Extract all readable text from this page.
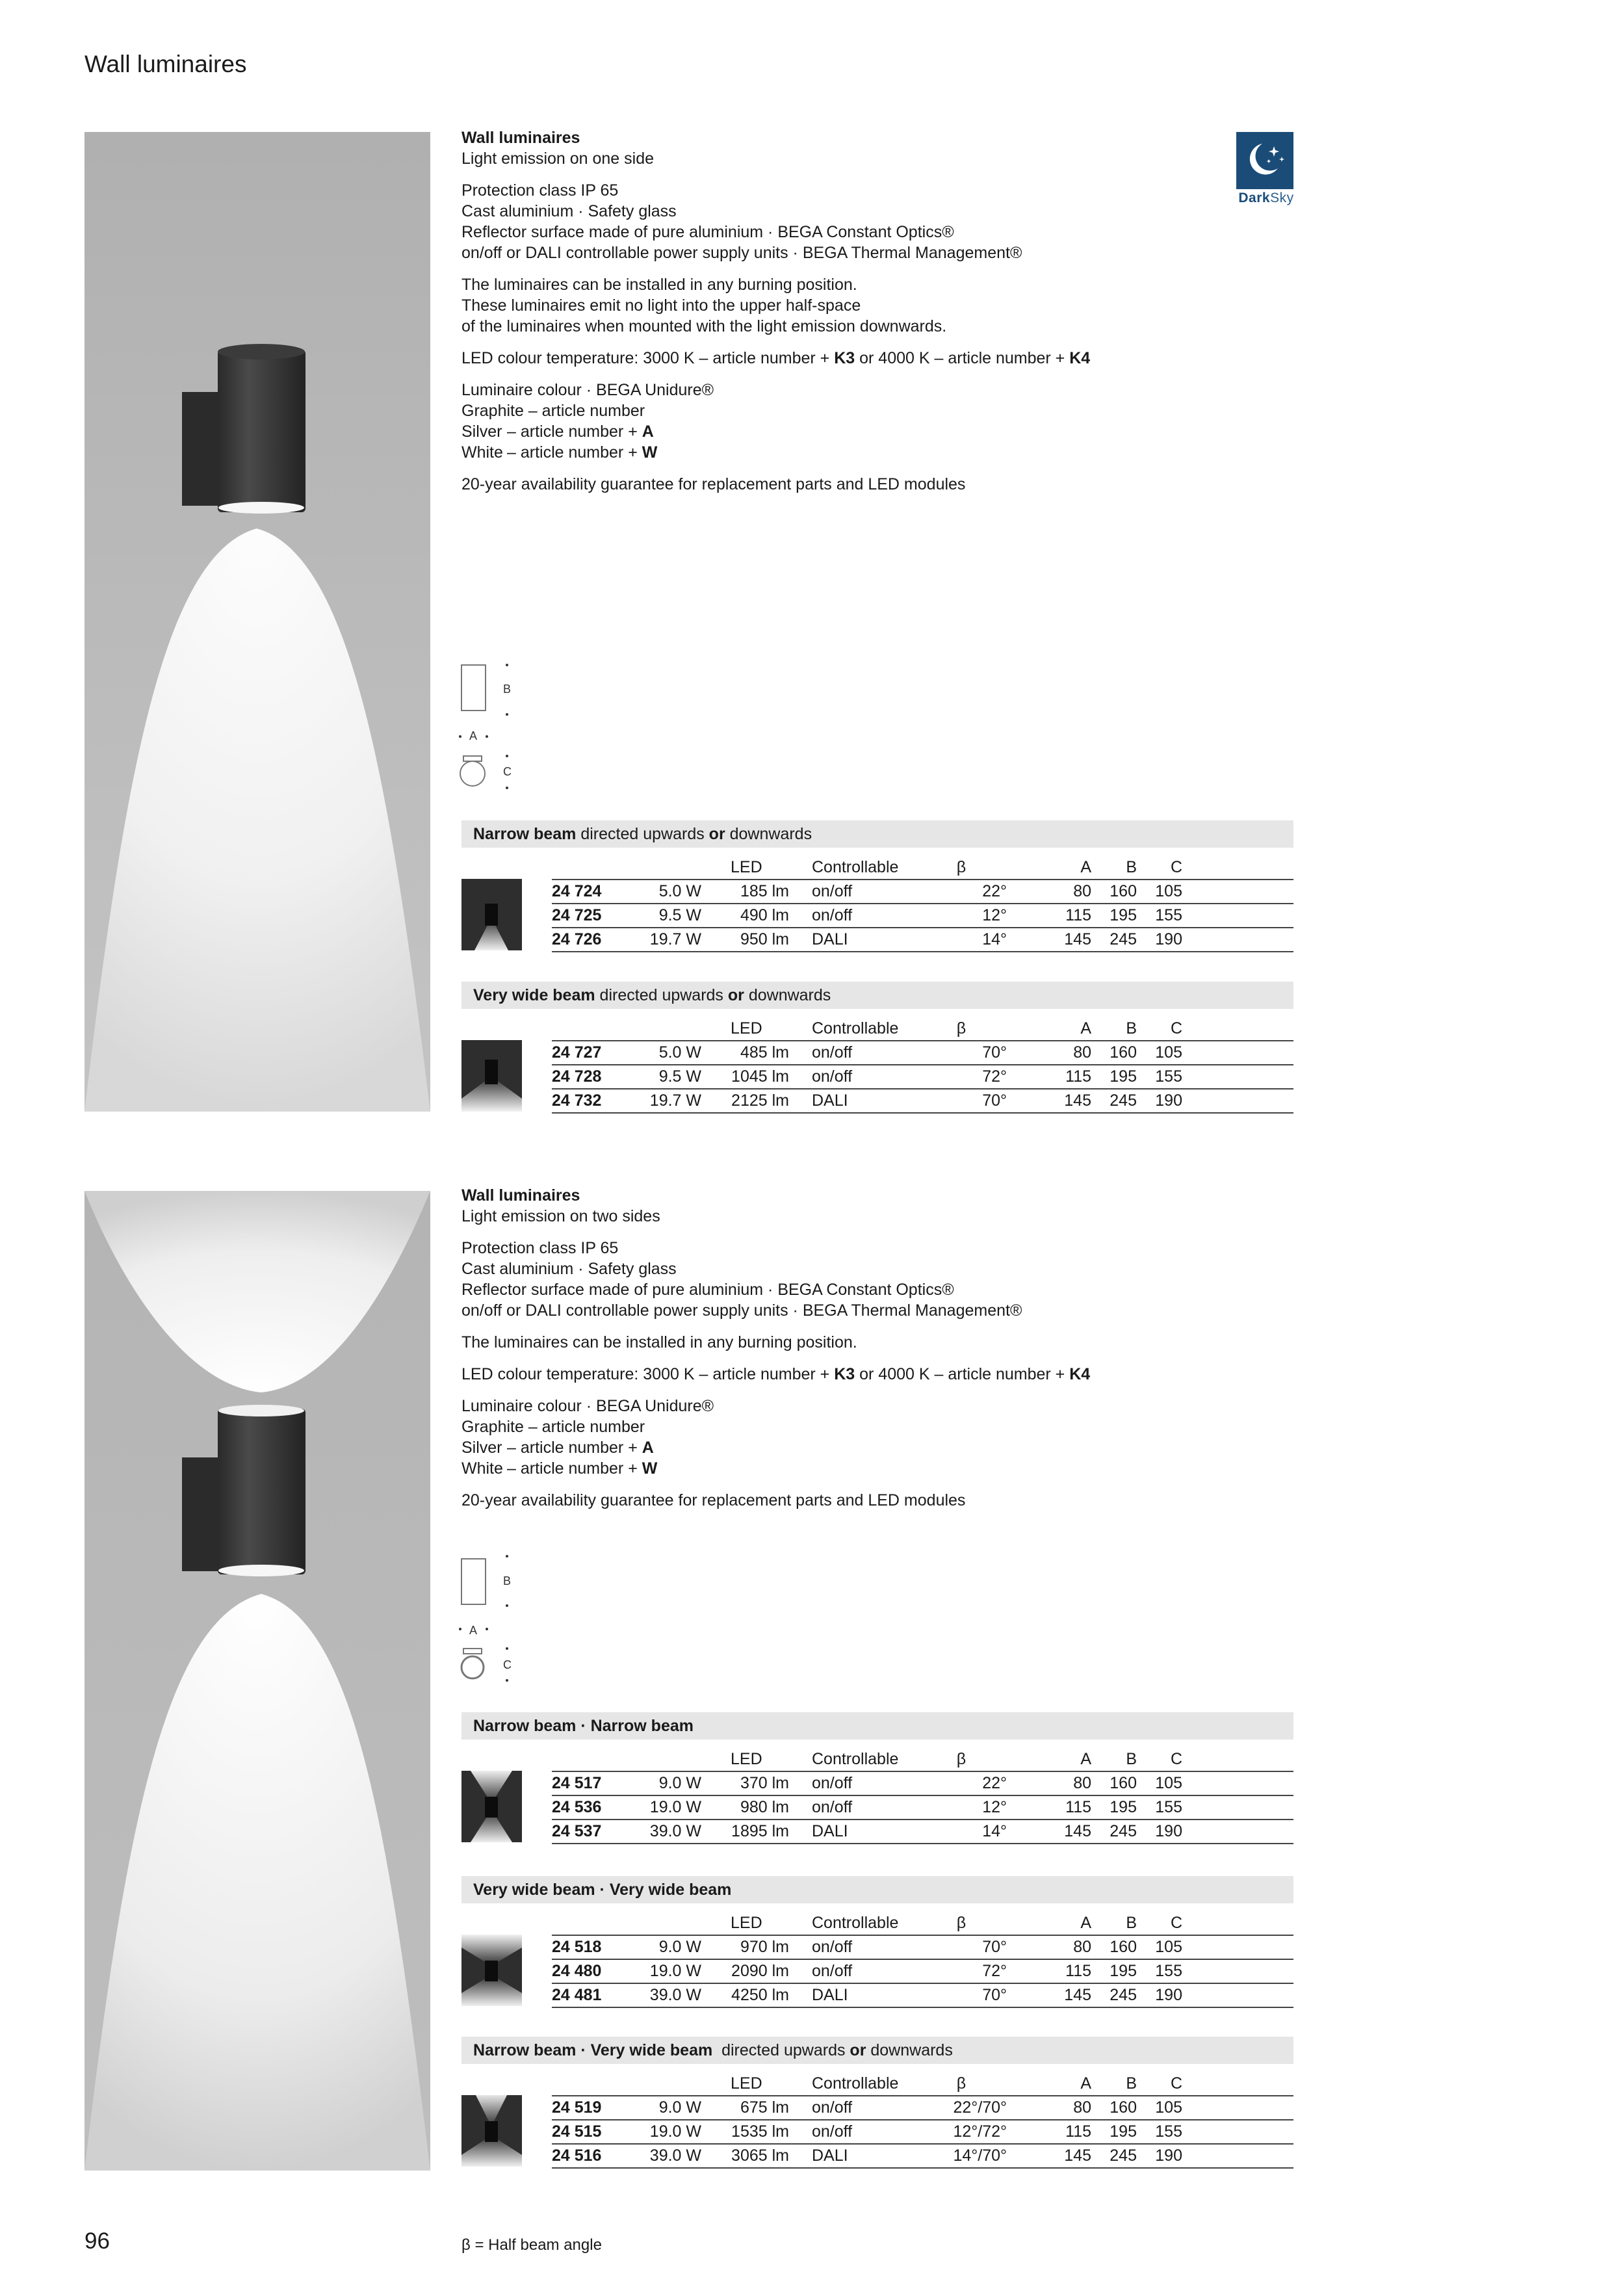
Wall luminaires
DarkSky

Wall luminaires
Light emission on one side

Protection class IP 65
Cast aluminium · Safety glass
Reflector surface made of pure aluminium · BEGA Constant Optics®
on/off or DALI controllable power supply units · BEGA Thermal Management®

The luminaires can be installed in any burning position.
These luminaires emit no light into the upper half-space
of the luminaires when mounted with the light emission downwards.

LED colour temperature: 3000 K – article number + K3 or 4000 K – article number + K4

Luminaire colour · BEGA Unidure®
Graphite – article number
Silver – article number + A
White – article number + W

20-year availability guarantee for replacement parts and LED modules

B
A
C
Narrow beam directed upwards or downwards
	LED		Controllable	β	A	B	C	
24 724	5.0 W	185 lm	on/off	22°	80	160	105	
24 725	9.5 W	490 lm	on/off	12°	115	195	155	
24 726	19.7 W	950 lm	DALI	14°	145	245	190	
Very wide beam directed upwards or downwards
	LED		Controllable	β	A	B	C	
24 727	5.0 W	485 lm	on/off	70°	80	160	105	
24 728	9.5 W	1045 lm	on/off	72°	115	195	155	
24 732	19.7 W	2125 lm	DALI	70°	145	245	190	

Wall luminaires
Light emission on two sides

Protection class IP 65
Cast aluminium · Safety glass
Reflector surface made of pure aluminium · BEGA Constant Optics®
on/off or DALI controllable power supply units · BEGA Thermal Management®

The luminaires can be installed in any burning position.

LED colour temperature: 3000 K – article number + K3 or 4000 K – article number + K4

Luminaire colour · BEGA Unidure®
Graphite – article number
Silver – article number + A
White – article number + W

20-year availability guarantee for replacement parts and LED modules

B
A
C
Narrow beam · Narrow beam
	LED		Controllable	β	A	B	C	
24 517	9.0 W	370 lm	on/off	22°	80	160	105	
24 536	19.0 W	980 lm	on/off	12°	115	195	155	
24 537	39.0 W	1895 lm	DALI	14°	145	245	190	
Very wide beam · Very wide beam
	LED		Controllable	β	A	B	C	
24 518	9.0 W	970 lm	on/off	70°	80	160	105	
24 480	19.0 W	2090 lm	on/off	72°	115	195	155	
24 481	39.0 W	4250 lm	DALI	70°	145	245	190	
Narrow beam · Very wide beam  directed upwards or downwards
	LED		Controllable	β	A	B	C	
24 519	9.0 W	675 lm	on/off	22°/70°	80	160	105	
24 515	19.0 W	1535 lm	on/off	12°/72°	115	195	155	
24 516	39.0 W	3065 lm	DALI	14°/70°	145	245	190	
96	β = Half beam angle
